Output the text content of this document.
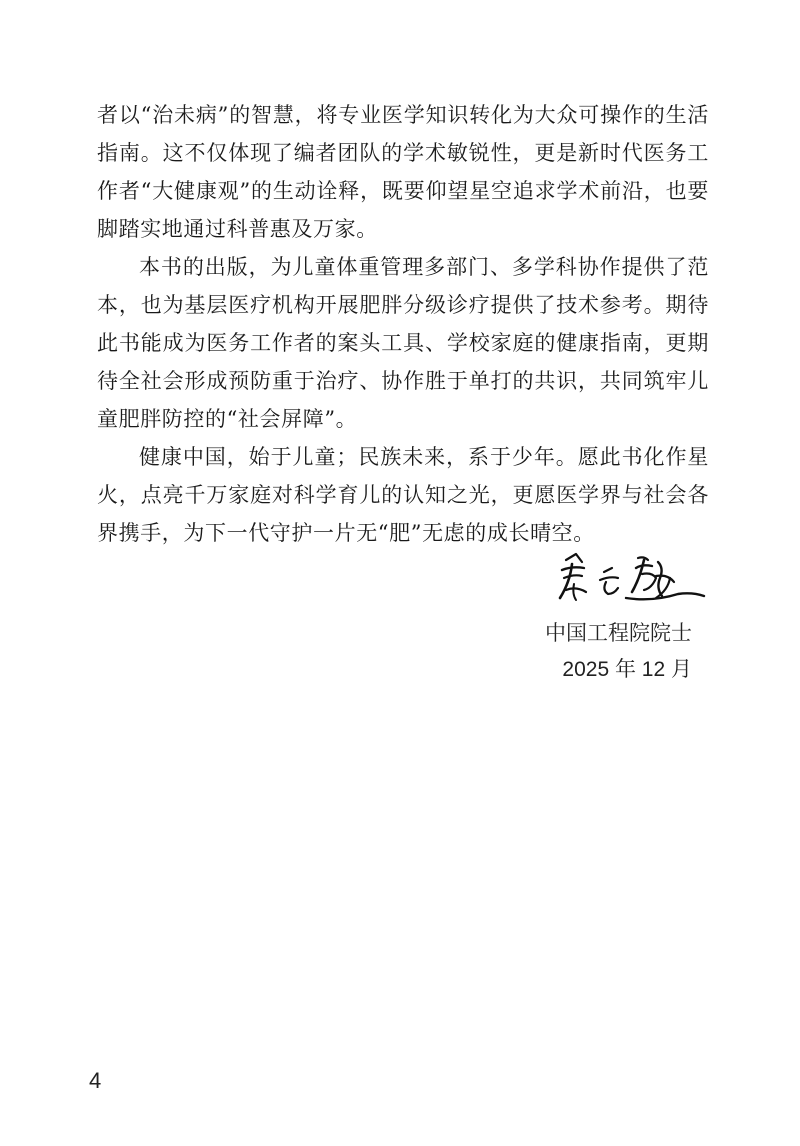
者以“治未病”的智慧，将专业医学知识转化为大众可操作的生活指南。这不仅体现了编者团队的学术敏锐性，更是新时代医务工作者“大健康观”的生动诠释，既要仰望星空追求学术前沿，也要脚踏实地通过科普惠及万家。

本书的出版，为儿童体重管理多部门、多学科协作提供了范本，也为基层医疗机构开展肥胖分级诊疗提供了技术参考。期待此书能成为医务工作者的案头工具、学校家庭的健康指南，更期待全社会形成预防重于治疗、协作胜于单打的共识，共同筑牢儿童肥胖防控的“社会屏障”。

健康中国，始于儿童；民族未来，系于少年。愿此书化作星火，点亮千万家庭对科学育儿的认知之光，更愿医学界与社会各界携手，为下一代守护一片无“肥”无虑的成长晴空。

中国工程院院士
2025 年 12 月
4
